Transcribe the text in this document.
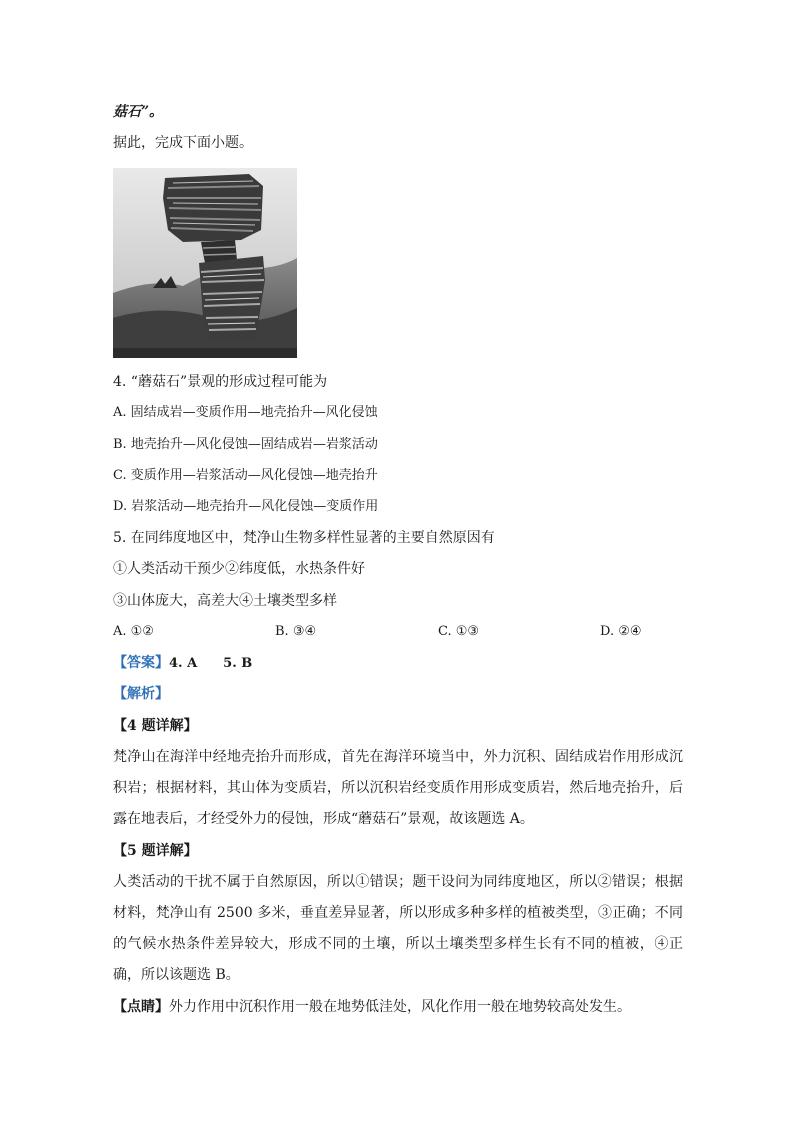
菇石”。
据此，完成下面小题。
4. “蘑菇石”景观的形成过程可能为
A. 固结成岩—变质作用—地壳抬升—风化侵蚀
B. 地壳抬升—风化侵蚀—固结成岩—岩浆活动
C. 变质作用—岩浆活动—风化侵蚀—地壳抬升
D. 岩浆活动—地壳抬升—风化侵蚀—变质作用
5. 在同纬度地区中，梵净山生物多样性显著的主要自然原因有
①人类活动干预少②纬度低，水热条件好
③山体庞大，高差大④土壤类型多样
A. ①②	B. ③④	C. ①③	D. ②④
【答案】4. A　　5. B
【解析】
【4 题详解】
梵净山在海洋中经地壳抬升而形成，首先在海洋环境当中，外力沉积、固结成岩作用形成沉积岩；根据材料，其山体为变质岩，所以沉积岩经变质作用形成变质岩，然后地壳抬升，后露在地表后，才经受外力的侵蚀，形成“蘑菇石”景观，故该题选 A。
【5 题详解】
人类活动的干扰不属于自然原因，所以①错误；题干设问为同纬度地区，所以②错误；根据材料，梵净山有 2500 多米，垂直差异显著，所以形成多种多样的植被类型，③正确；不同的气候水热条件差异较大，形成不同的土壤，所以土壤类型多样生长有不同的植被，④正确，所以该题选 B。
【点睛】外力作用中沉积作用一般在地势低洼处，风化作用一般在地势较高处发生。
